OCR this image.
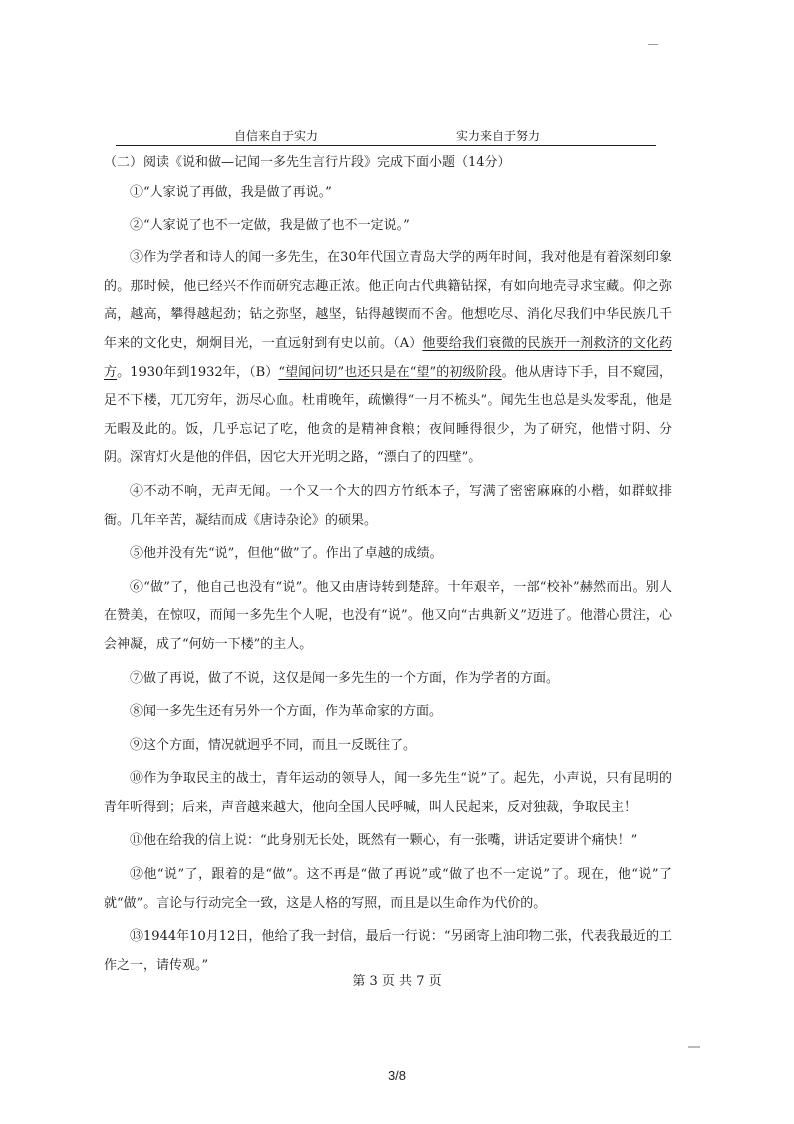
自信来自于实力	实力来自于努力
（二）阅读《说和做—记闻一多先生言行片段》完成下面小题（14分）
①“人家说了再做，我是做了再说。”
②“人家说了也不一定做，我是做了也不一定说。”
③作为学者和诗人的闻一多先生，在30年代国立青岛大学的两年时间，我对他是有着深刻印象的。那时候，他已经兴不作而研究志趣正浓。他正向古代典籍钻探，有如向地壳寻求宝藏。仰之弥高，越高，攀得越起劲；钻之弥坚，越坚，钻得越锲而不舍。他想吃尽、消化尽我们中华民族几千年来的文化史，炯炯目光，一直远射到有史以前。（A）他要给我们衰微的民族开一剂救济的文化药方。1930年到1932年，（B）“望闻问切”也还只是在“望”的初级阶段。他从唐诗下手，目不窥园，足不下楼，兀兀穷年，沥尽心血。杜甫晚年，疏懒得“一月不梳头”。闻先生也总是头发零乱，他是无暇及此的。饭，几乎忘记了吃，他贪的是精神食粮；夜间睡得很少，为了研究，他惜寸阴、分阴。深宵灯火是他的伴侣，因它大开光明之路，“漂白了的四壁”。
④不动不响，无声无闻。一个又一个大的四方竹纸本子，写满了密密麻麻的小楷，如群蚁排衙。几年辛苦，凝结而成《唐诗杂论》的硕果。
⑤他并没有先“说”，但他“做”了。作出了卓越的成绩。
⑥“做”了，他自己也没有“说”。他又由唐诗转到楚辞。十年艰辛，一部“校补”赫然而出。别人在赞美，在惊叹，而闻一多先生个人呢，也没有“说”。他又向“古典新义”迈进了。他潜心贯注，心会神凝，成了“何妨一下楼”的主人。
⑦做了再说，做了不说，这仅是闻一多先生的一个方面，作为学者的方面。
⑧闻一多先生还有另外一个方面，作为革命家的方面。
⑨这个方面，情况就迥乎不同，而且一反既往了。
⑩作为争取民主的战士，青年运动的领导人，闻一多先生“说”了。起先，小声说，只有昆明的青年听得到；后来，声音越来越大，他向全国人民呼喊，叫人民起来，反对独裁，争取民主！
⑪他在给我的信上说：“此身别无长处，既然有一颗心，有一张嘴，讲话定要讲个痛快！”
⑫他“说”了，跟着的是“做”。这不再是“做了再说”或“做了也不一定说”了。现在，他“说”了就“做”。言论与行动完全一致，这是人格的写照，而且是以生命作为代价的。
⑬1944年10月12日，他给了我一封信，最后一行说：“另函寄上油印物二张，代表我最近的工作之一，请传观。”
第 3 页 共 7 页
3/8
